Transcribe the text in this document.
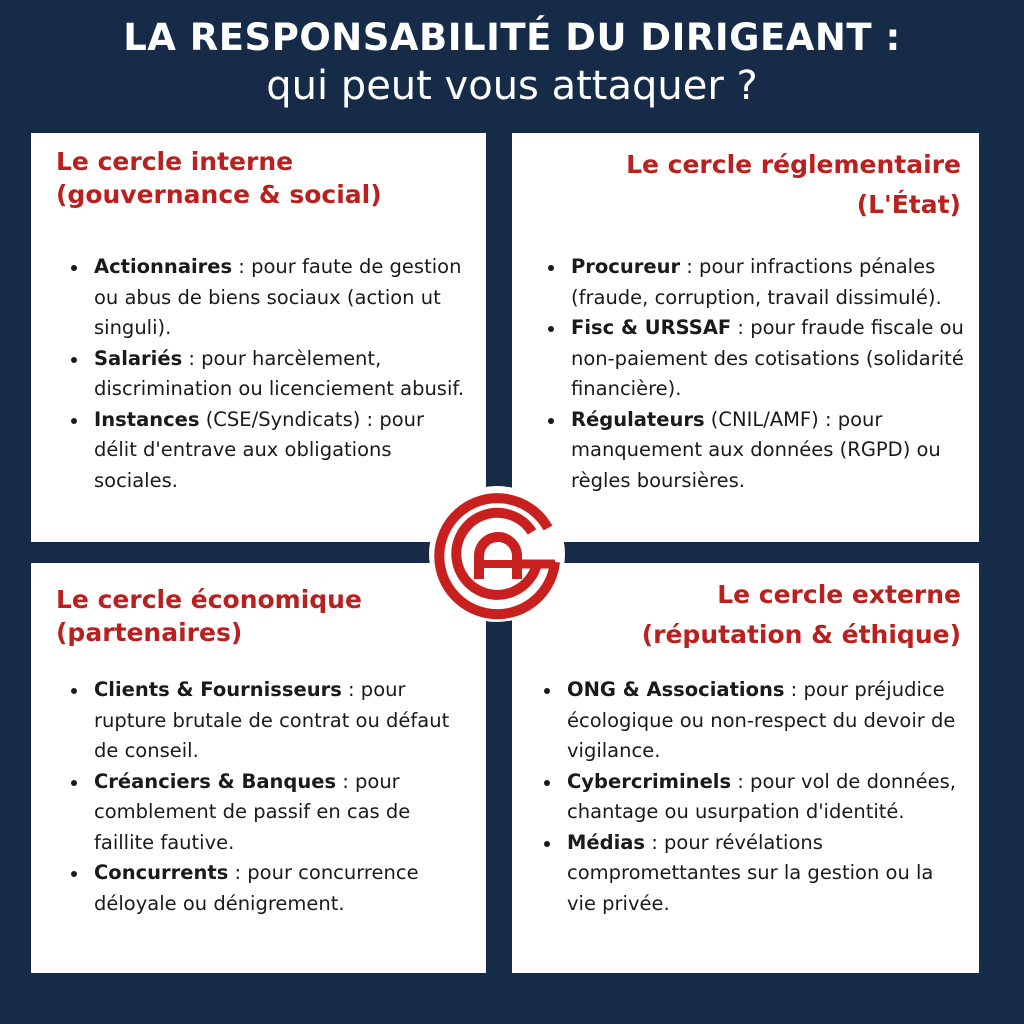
LA RESPONSABILITÉ DU DIRIGEANT :
qui peut vous attaquer ?
Le cercle interne
(gouvernance & social)
Actionnaires : pour faute de gestion ou abus de biens sociaux (action ut singuli).
Salariés : pour harcèlement, discrimination ou licenciement abusif.
Instances (CSE/Syndicats) : pour délit d'entrave aux obligations sociales.
Le cercle réglementaire
(L'État)
Procureur : pour infractions pénales (fraude, corruption, travail dissimulé).
Fisc & URSSAF : pour fraude fiscale ou non-paiement des cotisations (solidarité financière).
Régulateurs (CNIL/AMF) : pour manquement aux données (RGPD) ou règles boursières.
Le cercle économique
(partenaires)
Clients & Fournisseurs : pour rupture brutale de contrat ou défaut de conseil.
Créanciers & Banques : pour comblement de passif en cas de faillite fautive.
Concurrents : pour concurrence déloyale ou dénigrement.
Le cercle externe
(réputation & éthique)
ONG & Associations : pour préjudice écologique ou non-respect du devoir de vigilance.
Cybercriminels : pour vol de données, chantage ou usurpation d'identité.
Médias : pour révélations compromettantes sur la gestion ou la vie privée.
